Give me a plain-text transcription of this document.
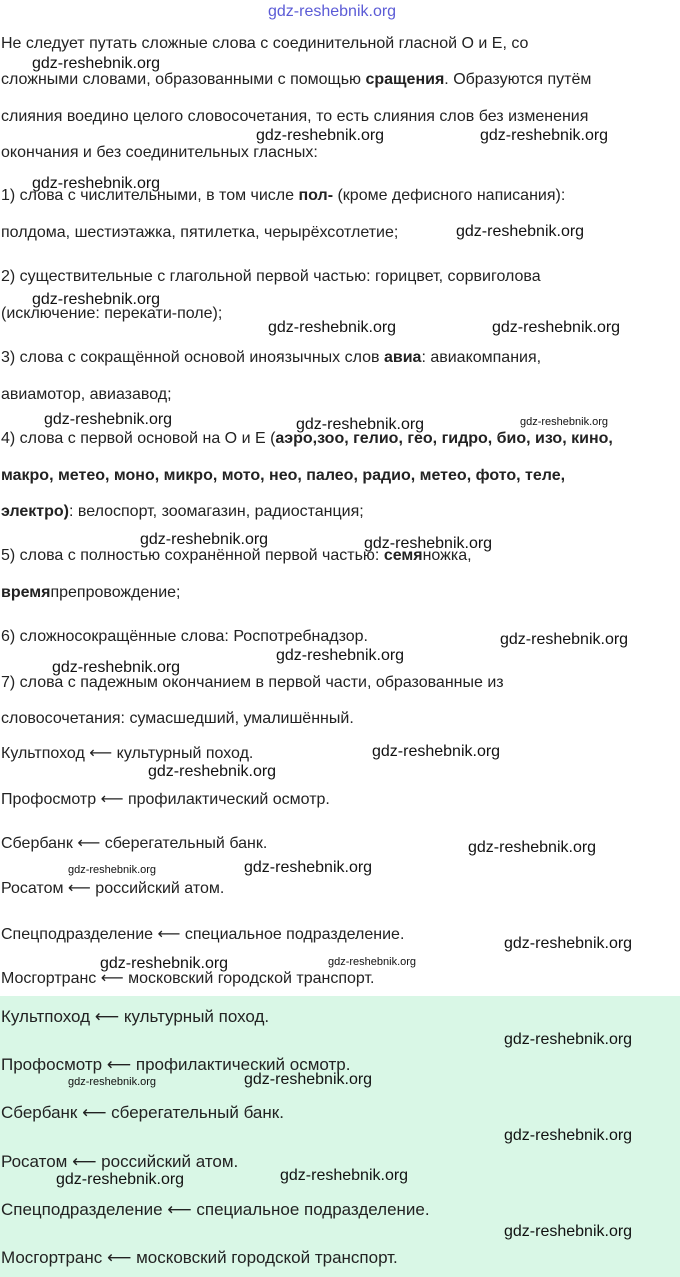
gdz-reshebnik.org
Не следует путать сложные слова с соединительной гласной О и Е, со
сложными словами, образованными с помощью сращения. Образуются путём
слияния воедино целого словосочетания, то есть слияния слов без изменения
окончания и без соединительных гласных:
1) слова с числительными, в том числе пол- (кроме дефисного написания):
полдома, шестиэтажка, пятилетка, черырёхсотлетие;
2) существительные с глагольной первой частью: горицвет, сорвиголова
(исключение: перекати-поле);
3) слова с сокращённой основой иноязычных слов авиа: авиакомпания,
авиамотор, авиазавод;
4) слова с первой основой на О и Е (аэро,зоо, гелио, гео, гидро, био, изо, кино,
макро, метео, моно, микро, мото, нео, палео, радио, метео, фото, теле,
электро): велоспорт, зоомагазин, радиостанция;
5) слова с полностью сохранённой первой частью: семяножка,
времяпрепровождение;
6) сложносокращённые слова: Роспотребнадзор.
7) слова с падежным окончанием в первой части, образованные из
словосочетания: сумасшедший, умалишённый.
Культпоход ⟵ культурный поход.
Профосмотр ⟵ профилактический осмотр.
Сбербанк ⟵ сберегательный банк.
Росатом ⟵ российский атом.
Спецподразделение ⟵ специальное подразделение.
Мосгортранс ⟵ московский городской транспорт.
Культпоход ⟵ культурный поход.
Профосмотр ⟵ профилактический осмотр.
Сбербанк ⟵ сберегательный банк.
Росатом ⟵ российский атом.
Спецподразделение ⟵ специальное подразделение.
Мосгортранс ⟵ московский городской транспорт.
gdz-reshebnik.org
gdz-reshebnik.org	gdz-reshebnik.org
gdz-reshebnik.org
gdz-reshebnik.org
gdz-reshebnik.org
gdz-reshebnik.org	gdz-reshebnik.org
gdz-reshebnik.org	gdz-reshebnik.org	gdz-reshebnik.org
gdz-reshebnik.org	gdz-reshebnik.org
gdz-reshebnik.org
gdz-reshebnik.org
gdz-reshebnik.org
gdz-reshebnik.org
gdz-reshebnik.org
gdz-reshebnik.org
gdz-reshebnik.org	gdz-reshebnik.org
gdz-reshebnik.org
gdz-reshebnik.org	gdz-reshebnik.org
gdz-reshebnik.org
gdz-reshebnik.org	gdz-reshebnik.org
gdz-reshebnik.org
gdz-reshebnik.org	gdz-reshebnik.org
gdz-reshebnik.org
